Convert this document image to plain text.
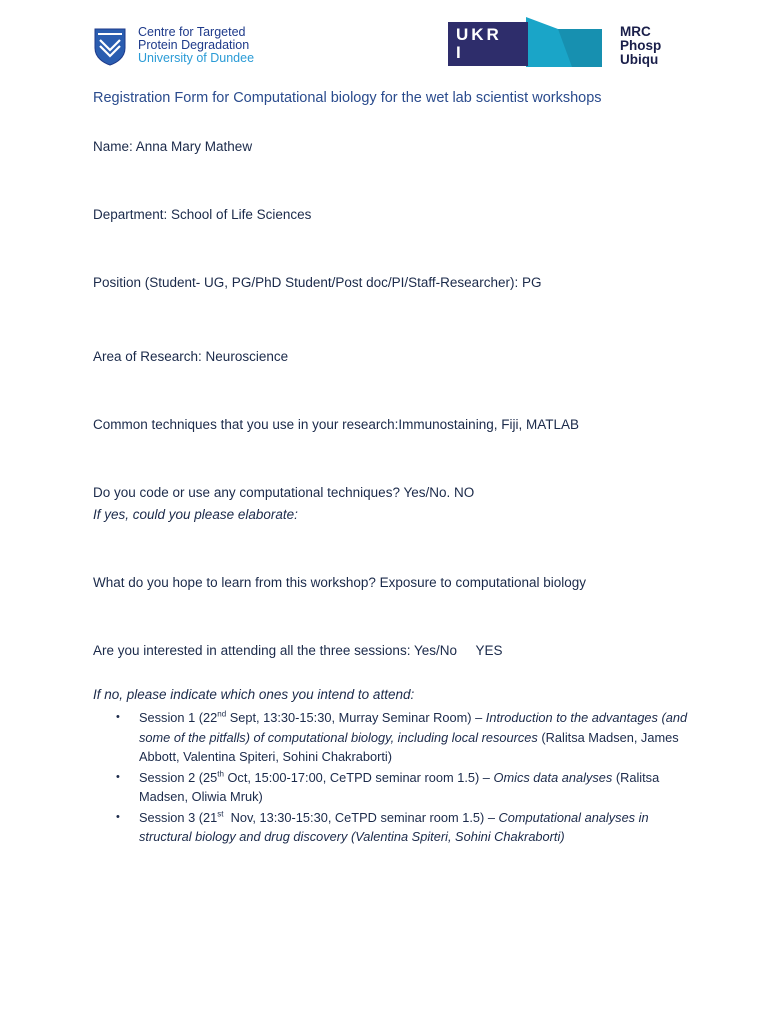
Centre for Targeted
Protein Degradation
University of Dundee
UKR
I
MRC
Phosp
Ubiqu
Registration Form for Computational biology for the wet lab scientist workshops
Name: Anna Mary Mathew
Department: School of Life Sciences
Position (Student- UG, PG/PhD Student/Post doc/PI/Staff-Researcher): PG
Area of Research: Neuroscience
Common techniques that you use in your research:Immunostaining, Fiji, MATLAB
Do you code or use any computational techniques? Yes/No. NO
If yes, could you please elaborate:
What do you hope to learn from this workshop? Exposure to computational biology
Are you interested in attending all the three sessions: Yes/No     YES
If no, please indicate which ones you intend to attend:
• Session 1 (22nd Sept, 13:30-15:30, Murray Seminar Room) – Introduction to the advantages (and some of the pitfalls) of computational biology, including local resources (Ralitsa Madsen, James Abbott, Valentina Spiteri, Sohini Chakraborti)
• Session 2 (25th Oct, 15:00-17:00, CeTPD seminar room 1.5) – Omics data analyses (Ralitsa Madsen, Oliwia Mruk)
• Session 3 (21st  Nov, 13:30-15:30, CeTPD seminar room 1.5) – Computational analyses in structural biology and drug discovery (Valentina Spiteri, Sohini Chakraborti)
